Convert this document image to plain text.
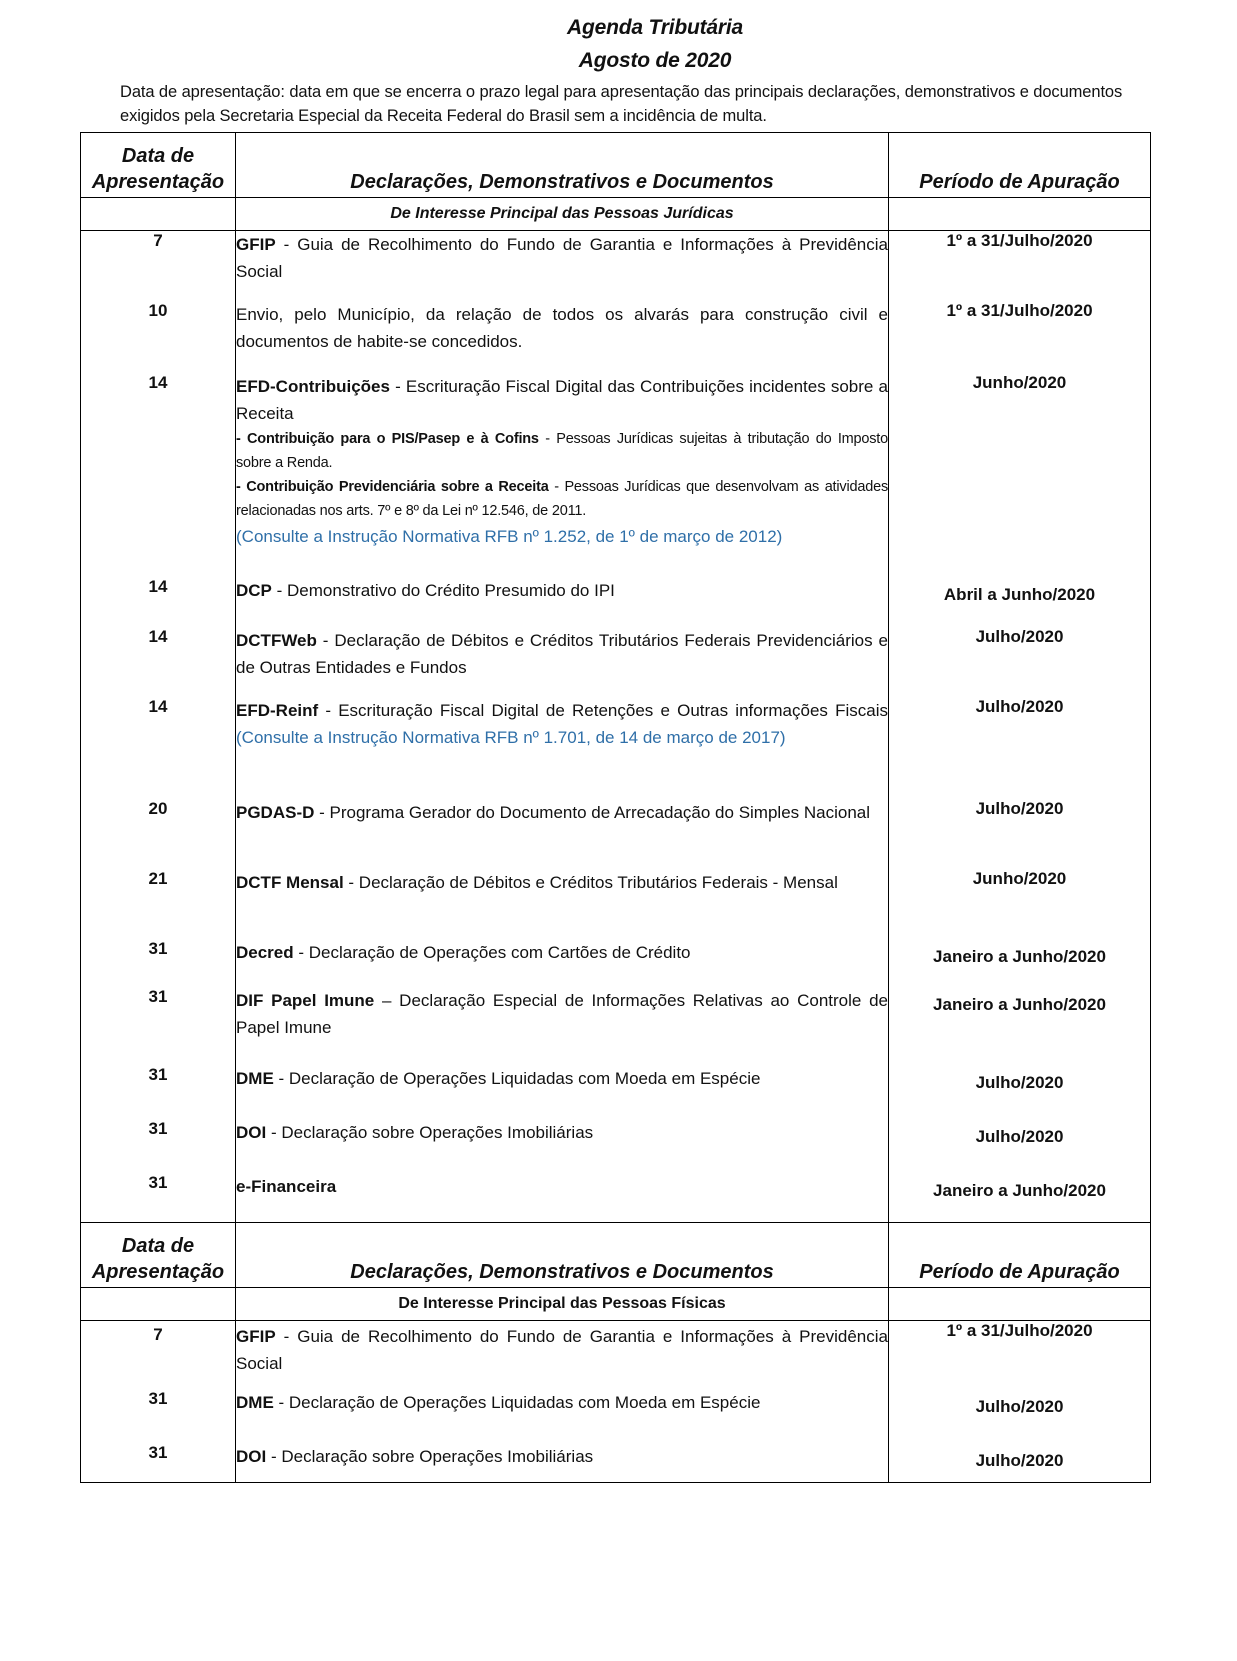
Agenda Tributária
Agosto de 2020
Data de apresentação: data em que se encerra o prazo legal para apresentação das principais declarações, demonstrativos e documentos exigidos pela Secretaria Especial da Receita Federal do Brasil sem a incidência de multa.
Data de
Apresentação	Declarações, Demonstrativos e Documentos	Período de Apuração
	De Interesse Principal das Pessoas Jurídicas	
7	GFIP - Guia de Recolhimento do Fundo de Garantia e Informações à Previdência Social	1º a 31/Julho/2020
10	Envio, pelo Município, da relação de todos os alvarás para construção civil e documentos de habite-se concedidos.	1º a 31/Julho/2020
14	EFD-Contribuições - Escrituração Fiscal Digital das Contribuições incidentes sobre a Receita
- Contribuição para o PIS/Pasep e à Cofins - Pessoas Jurídicas sujeitas à tributação do Imposto sobre a Renda.
- Contribuição Previdenciária sobre a Receita - Pessoas Jurídicas que desenvolvam as atividades relacionadas nos arts. 7º e 8º da Lei nº 12.546, de 2011.
(Consulte a Instrução Normativa RFB nº 1.252, de 1º de março de 2012)	Junho/2020
14	DCP - Demonstrativo do Crédito Presumido do IPI	Abril a Junho/2020
14	DCTFWeb - Declaração de Débitos e Créditos Tributários Federais Previdenciários e de Outras Entidades e Fundos	Julho/2020
14	EFD-Reinf - Escrituração Fiscal Digital de Retenções e Outras informações Fiscais (Consulte a Instrução Normativa RFB nº 1.701, de 14 de março de 2017)	Julho/2020
20	PGDAS-D - Programa Gerador do Documento de Arrecadação do Simples Nacional	Julho/2020
21	DCTF Mensal - Declaração de Débitos e Créditos Tributários Federais - Mensal	Junho/2020
31	Decred - Declaração de Operações com Cartões de Crédito	Janeiro a Junho/2020
31	DIF Papel Imune – Declaração Especial de Informações Relativas ao Controle de Papel Imune	Janeiro a Junho/2020
31	DME - Declaração de Operações Liquidadas com Moeda em Espécie	Julho/2020
31	DOI - Declaração sobre Operações Imobiliárias	Julho/2020
31	e-Financeira	Janeiro a Junho/2020
Data de
Apresentação	Declarações, Demonstrativos e Documentos	Período de Apuração
	De Interesse Principal das Pessoas Físicas	
7	GFIP - Guia de Recolhimento do Fundo de Garantia e Informações à Previdência Social	1º a 31/Julho/2020
31	DME - Declaração de Operações Liquidadas com Moeda em Espécie	Julho/2020
31	DOI - Declaração sobre Operações Imobiliárias	Julho/2020
